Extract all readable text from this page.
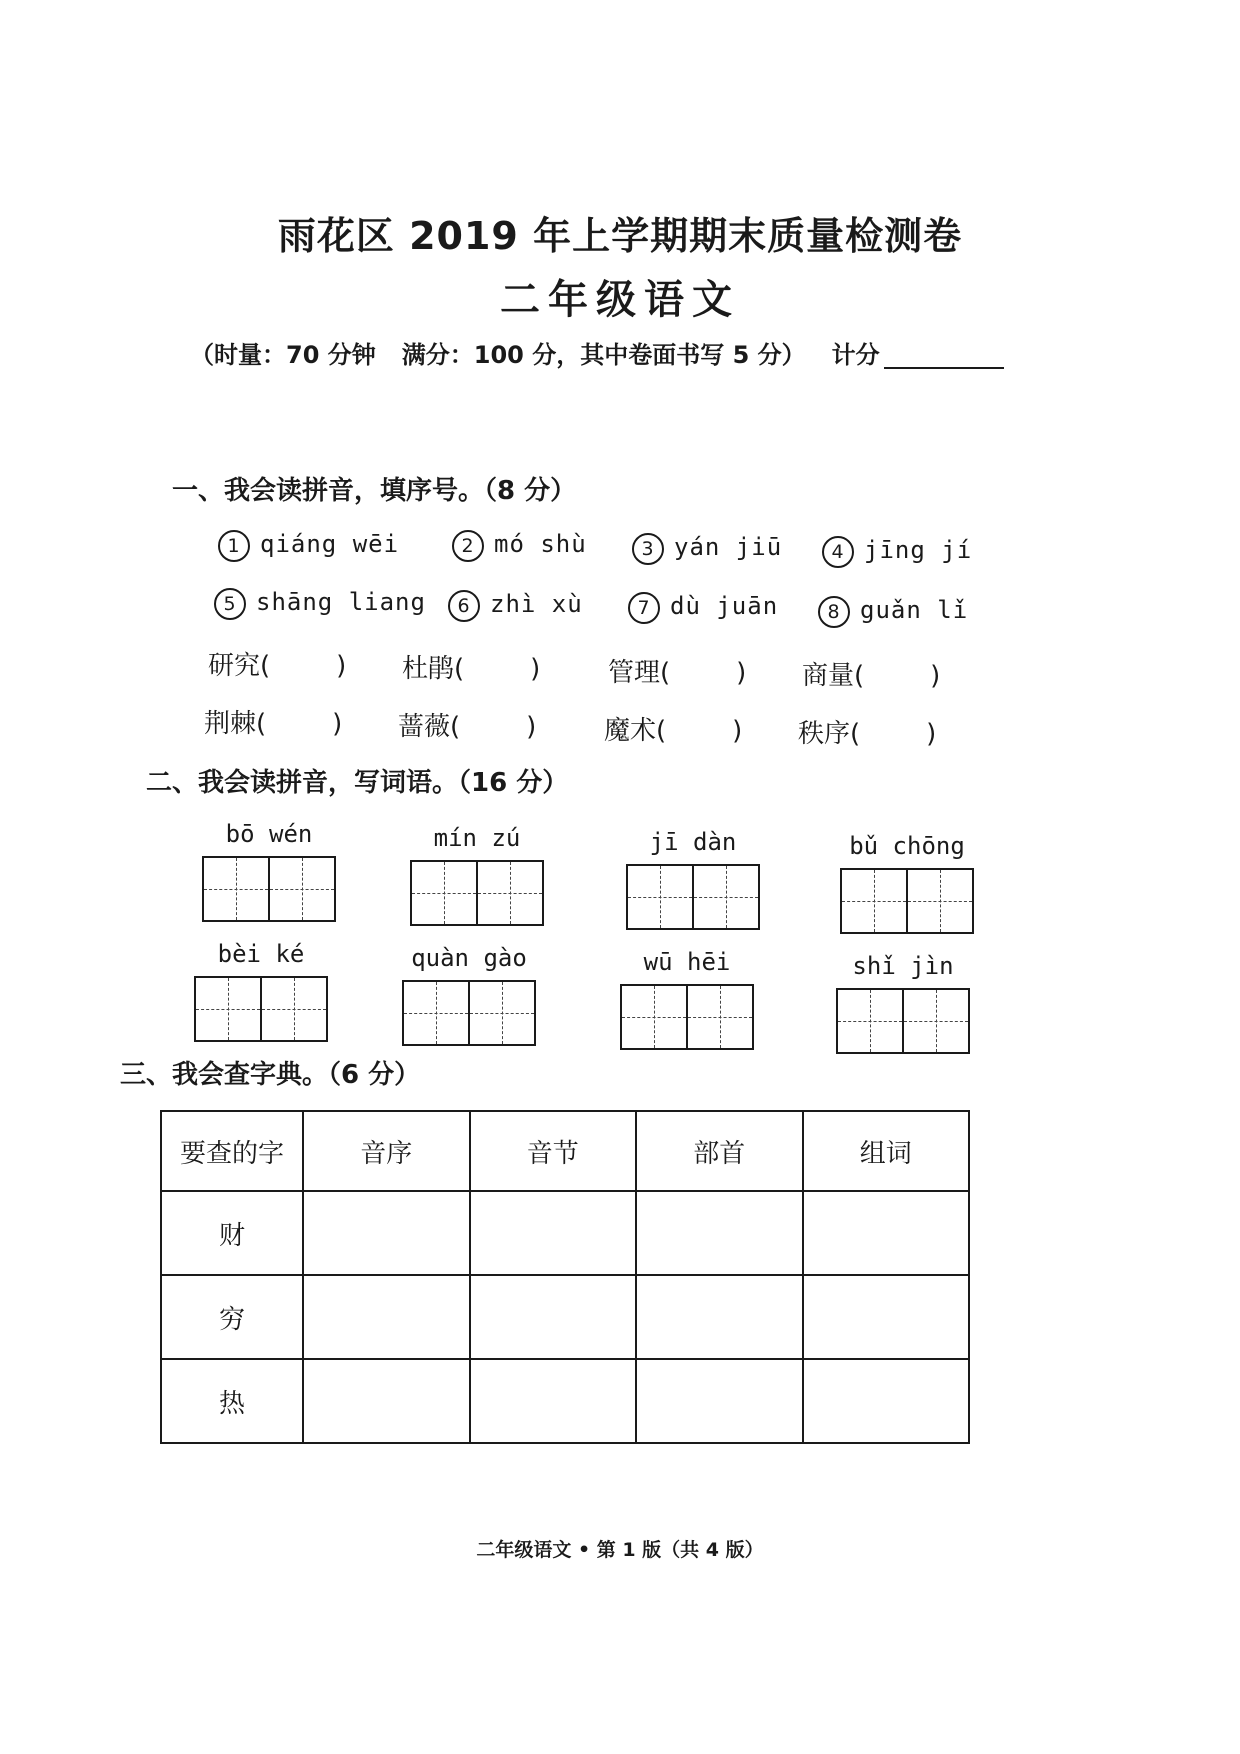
雨花区 2019 年上学期期末质量检测卷
二年级语文
（时量：70 分钟 满分：100 分，其中卷面书写 5 分） 计分
一、我会读拼音，填序号。（8 分）
1 qiáng wēi	2 mó shù	3 yán jiū	4 jīng jí
5 shāng liang	6 zhì xù	7 dù juān	8 guǎn lǐ
研究(	) 杜鹃(	)	管理(	) 商量(	)
荆棘(	) 蔷薇(	)	魔术(	) 秩序(	)
二、我会读拼音，写词语。（16 分）
bō wén	mín zú	jī dàn	bǔ chōng
bèi ké	quàn gào	wū hēi	shǐ jìn
三、我会查字典。（6 分）
要查的字	音序	音节	部首	组词
财				
穷				
热				
二年级语文 • 第 1 版（共 4 版）
